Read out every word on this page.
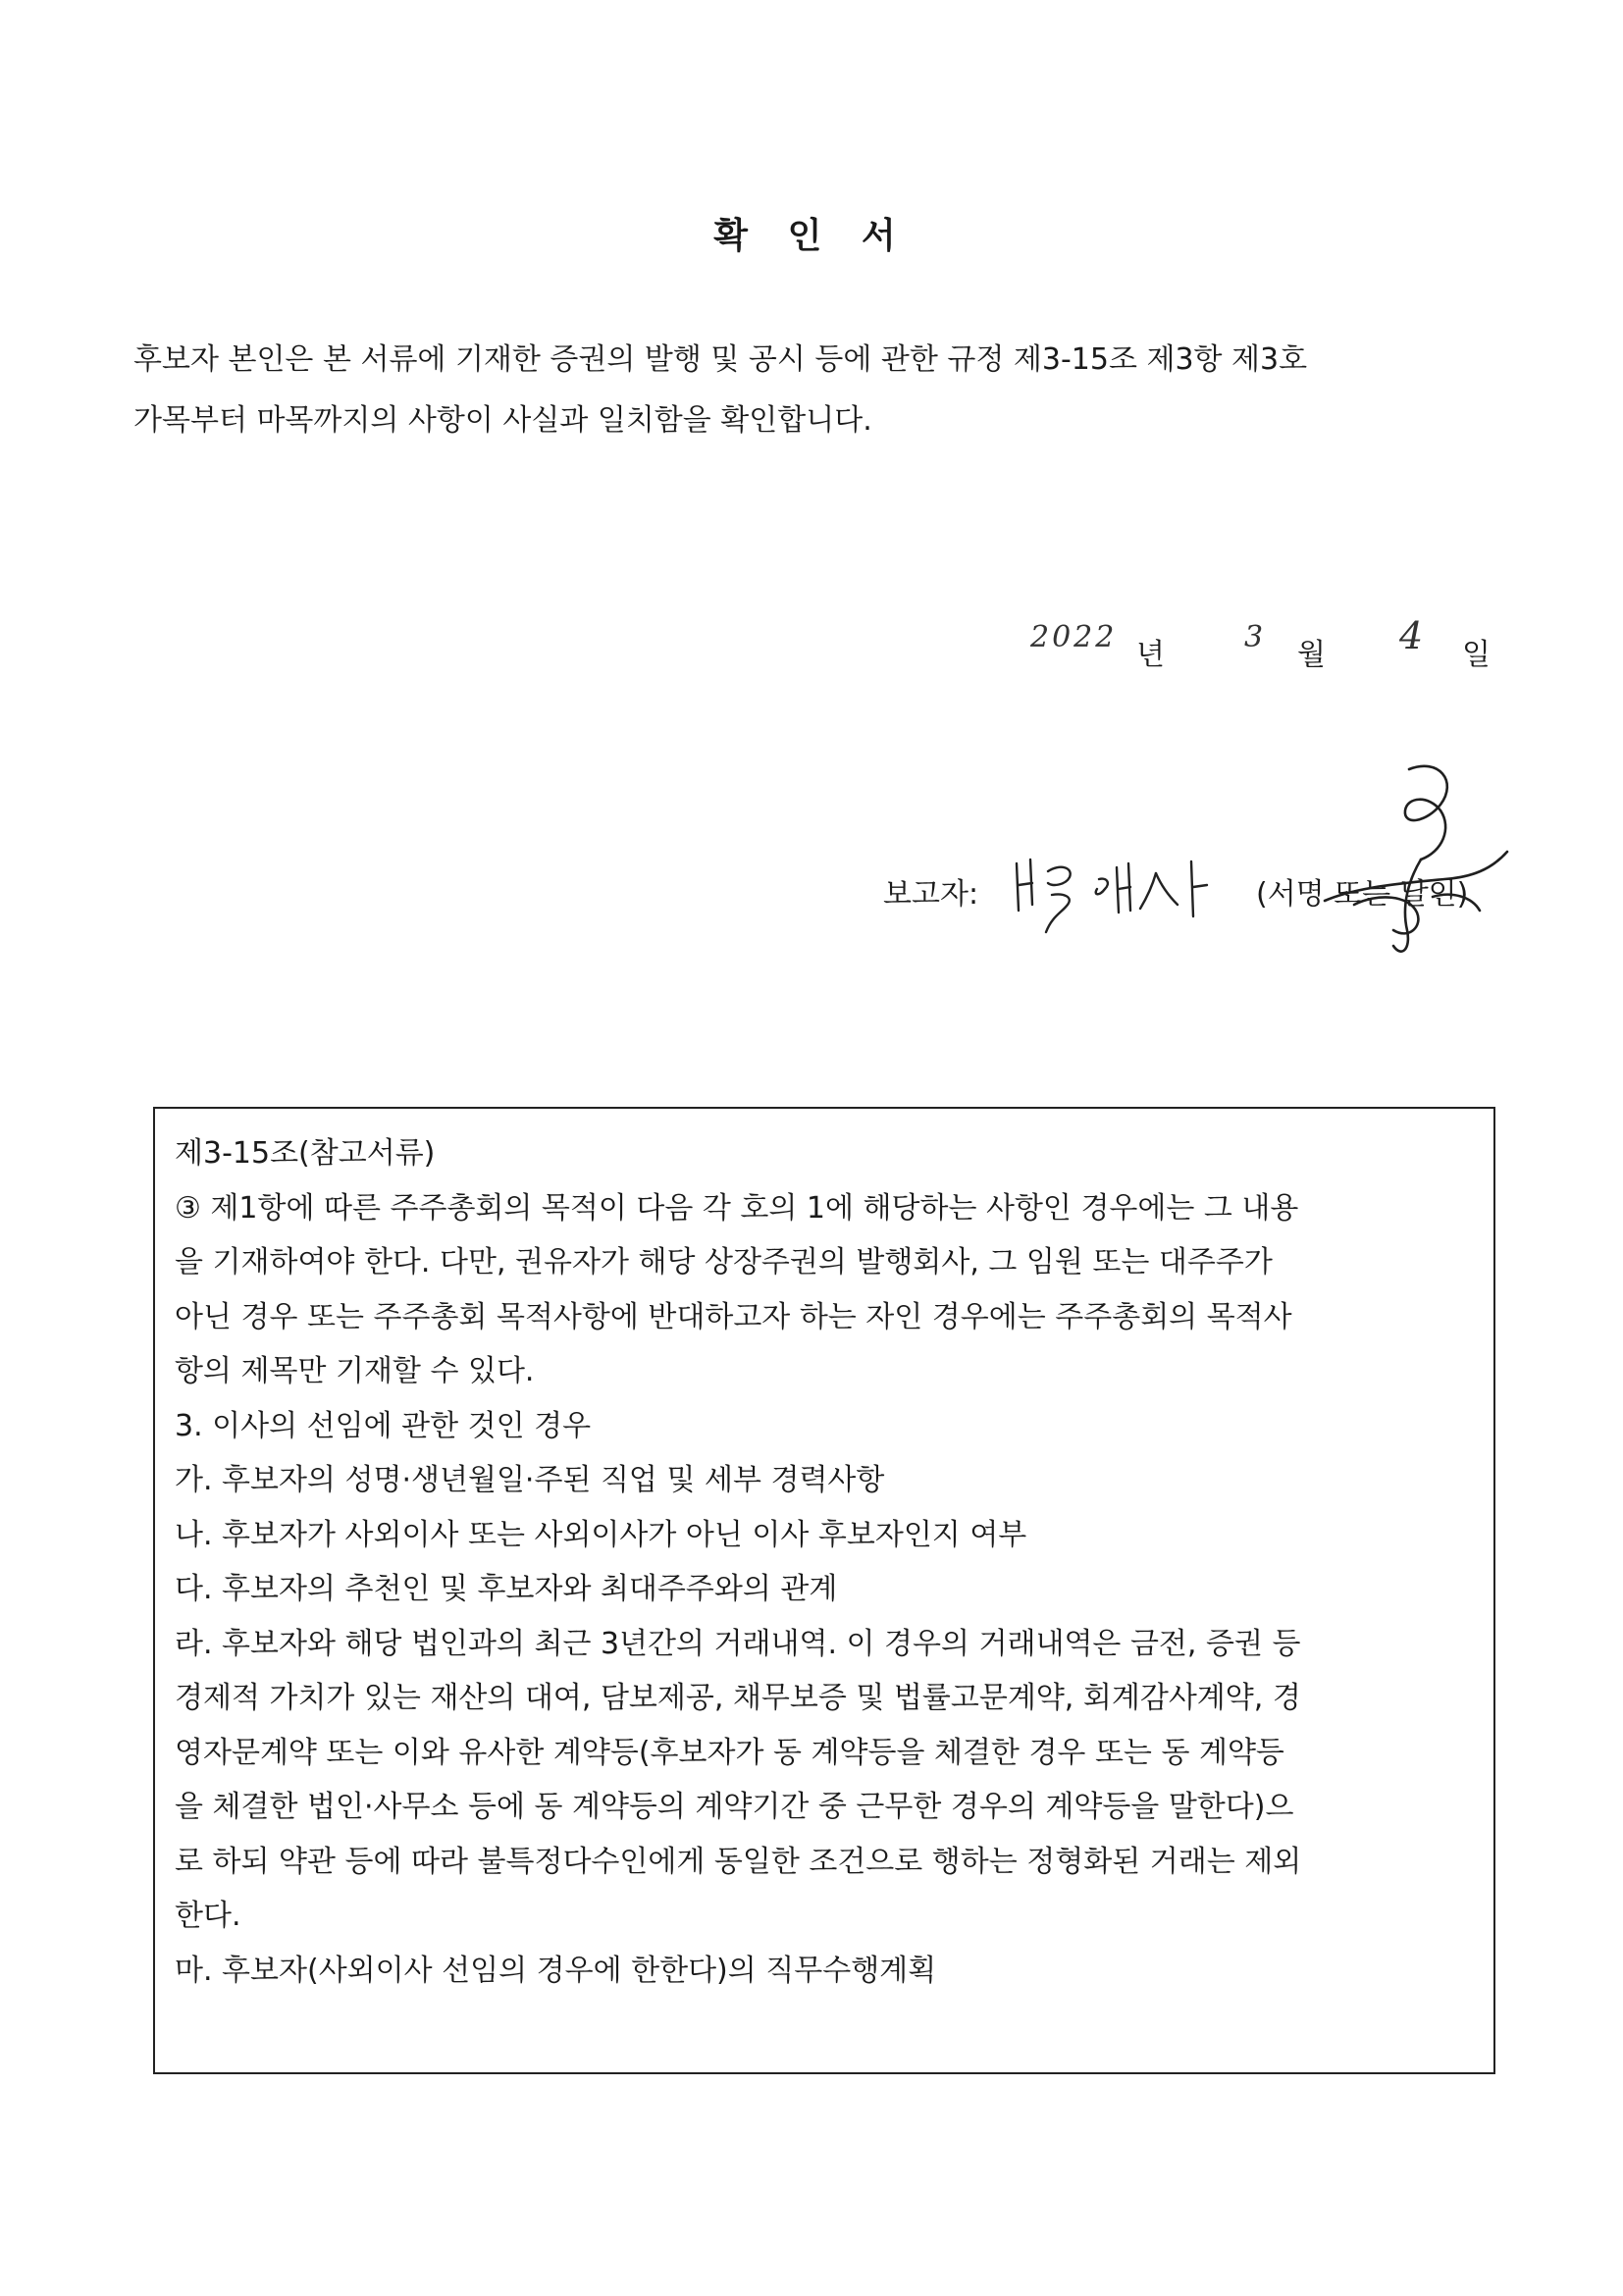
확 인 서

후보자 본인은 본 서류에 기재한 증권의 발행 및 공시 등에 관한 규정 제3-15조 제3항 제3호

가목부터 마목까지의 사항이 사실과 일치함을 확인합니다.

2022
년
3
월 4 일
보고자:	(서명 또는 날인)

제3-15조(참고서류)

③ 제1항에 따른 주주총회의 목적이 다음 각 호의 1에 해당하는 사항인 경우에는 그 내용

을 기재하여야 한다. 다만, 권유자가 해당 상장주권의 발행회사, 그 임원 또는 대주주가

아닌 경우 또는 주주총회 목적사항에 반대하고자 하는 자인 경우에는 주주총회의 목적사

항의 제목만 기재할 수 있다.

3. 이사의 선임에 관한 것인 경우

가. 후보자의 성명·생년월일·주된 직업 및 세부 경력사항

나. 후보자가 사외이사 또는 사외이사가 아닌 이사 후보자인지 여부

다. 후보자의 추천인 및 후보자와 최대주주와의 관계

라. 후보자와 해당 법인과의 최근 3년간의 거래내역. 이 경우의 거래내역은 금전, 증권 등

경제적 가치가 있는 재산의 대여, 담보제공, 채무보증 및 법률고문계약, 회계감사계약, 경

영자문계약 또는 이와 유사한 계약등(후보자가 동 계약등을 체결한 경우 또는 동 계약등

을 체결한 법인·사무소 등에 동 계약등의 계약기간 중 근무한 경우의 계약등을 말한다)으

로 하되 약관 등에 따라 불특정다수인에게 동일한 조건으로 행하는 정형화된 거래는 제외

한다.

마. 후보자(사외이사 선임의 경우에 한한다)의 직무수행계획
